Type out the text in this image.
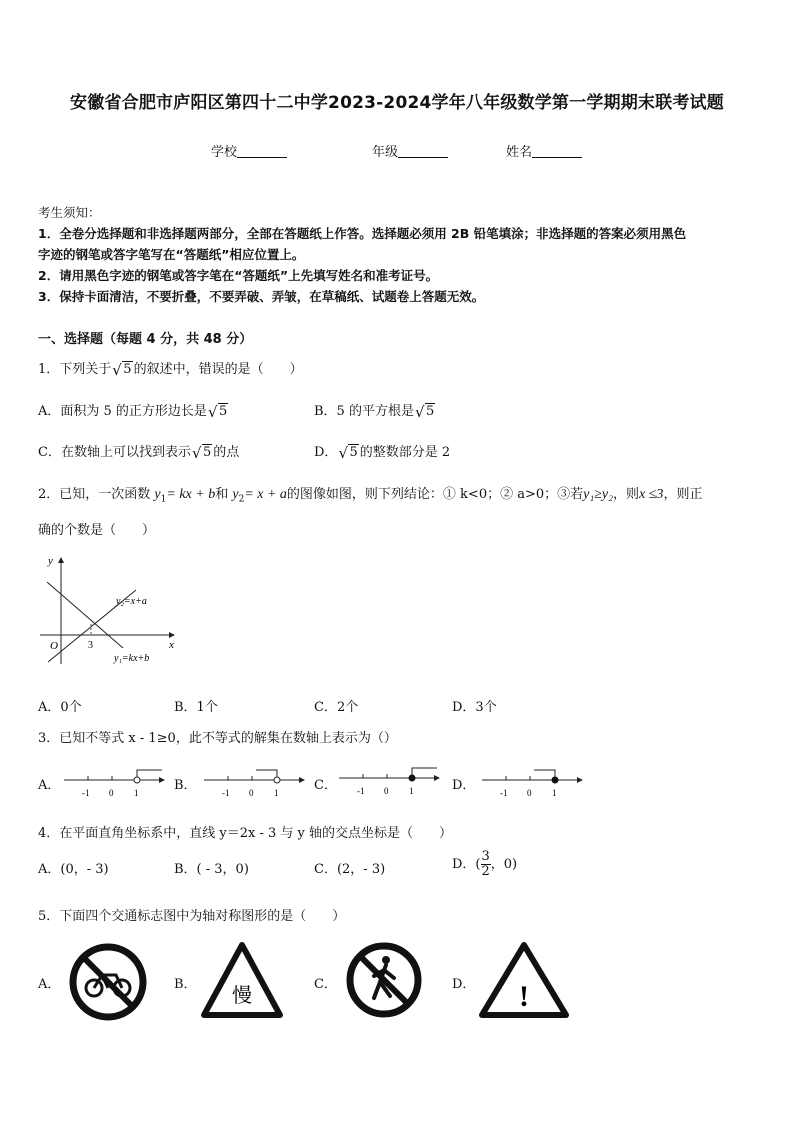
安徽省合肥市庐阳区第四十二中学2023-2024学年八年级数学第一学期期末联考试题
学校	年级	姓名
考生须知：
1．全卷分选择题和非选择题两部分，全部在答题纸上作答。选择题必须用 2B 铅笔填涂；非选择题的答案必须用黑色
字迹的钢笔或答字笔写在“答题纸”相应位置上。
2．请用黑色字迹的钢笔或答字笔在“答题纸”上先填写姓名和准考证号。
3．保持卡面清洁，不要折叠，不要弄破、弄皱，在草稿纸、试题卷上答题无效。
一、选择题（每题 4 分，共 48 分）
1．下列关于 √ 5 的叙述中，错误的是（　　）
A．面积为 5 的正方形边长是 √ 5	B．5 的平方根是 √ 5
C．在数轴上可以找到表示 √ 5 的点	D． √ 5 的整数部分是 2
2．已知，一次函数 $y_1=$ kx + b和 $y_2= x + a$的图像如图，则下列结论：① k<0；② a>0；③若y₁≥y₂，则x ≤3，则正
确的个数是（　　）
y
x
O	3
y₂=x+a
y₁=kx+b
A．0个	B．1个	C．2个	D．3个
3．已知不等式 x - 1≥0，此不等式的解集在数轴上表示为（）
A． -1 0 1	B．	-1 0 1	C． -1 0 1	D．	-1 0 1
4．在平面直角坐标系中，直线 y＝2x - 3 与 y 轴的交点坐标是（　　）
A．(0，- 3)	B．( - 3，0)	C．(2，- 3)	D．( $\frac{3}{2}$ ，0)
5．下面四个交通标志图中为轴对称图形的是（　　）
A．	B．
慢
C．	D． !
